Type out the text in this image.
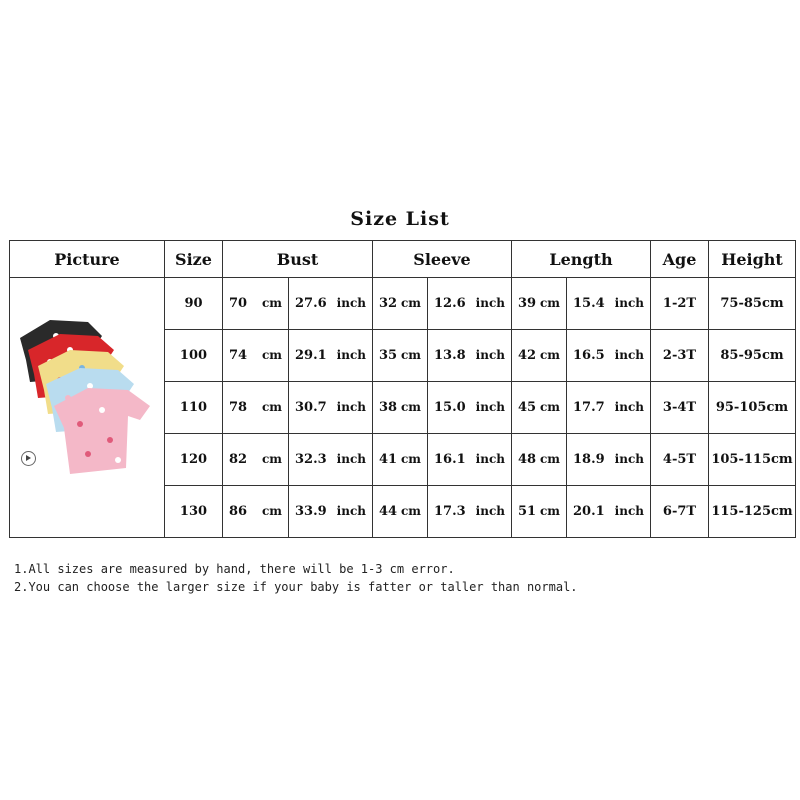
Size List
Picture	Size	Bust		Sleeve		Length		Age	Height

	90	70 cm	27.6 inch	32 cm	12.6 inch	39 cm	15.4 inch	1-2T	75-85cm
	100	74 cm	29.1 inch	35 cm	13.8 inch	42 cm	16.5 inch	2-3T	85-95cm
	110	78 cm	30.7 inch	38 cm	15.0 inch	45 cm	17.7 inch	3-4T	95-105cm
	120	82 cm	32.3 inch	41 cm	16.1 inch	48 cm	18.9 inch	4-5T	105-115cm
	130	86 cm	33.9 inch	44 cm	17.3 inch	51 cm	20.1 inch	6-7T	115-125cm
1.All sizes are measured by hand, there will be 1-3 cm error.
2.You can choose the larger size if your baby is fatter or taller than normal.
